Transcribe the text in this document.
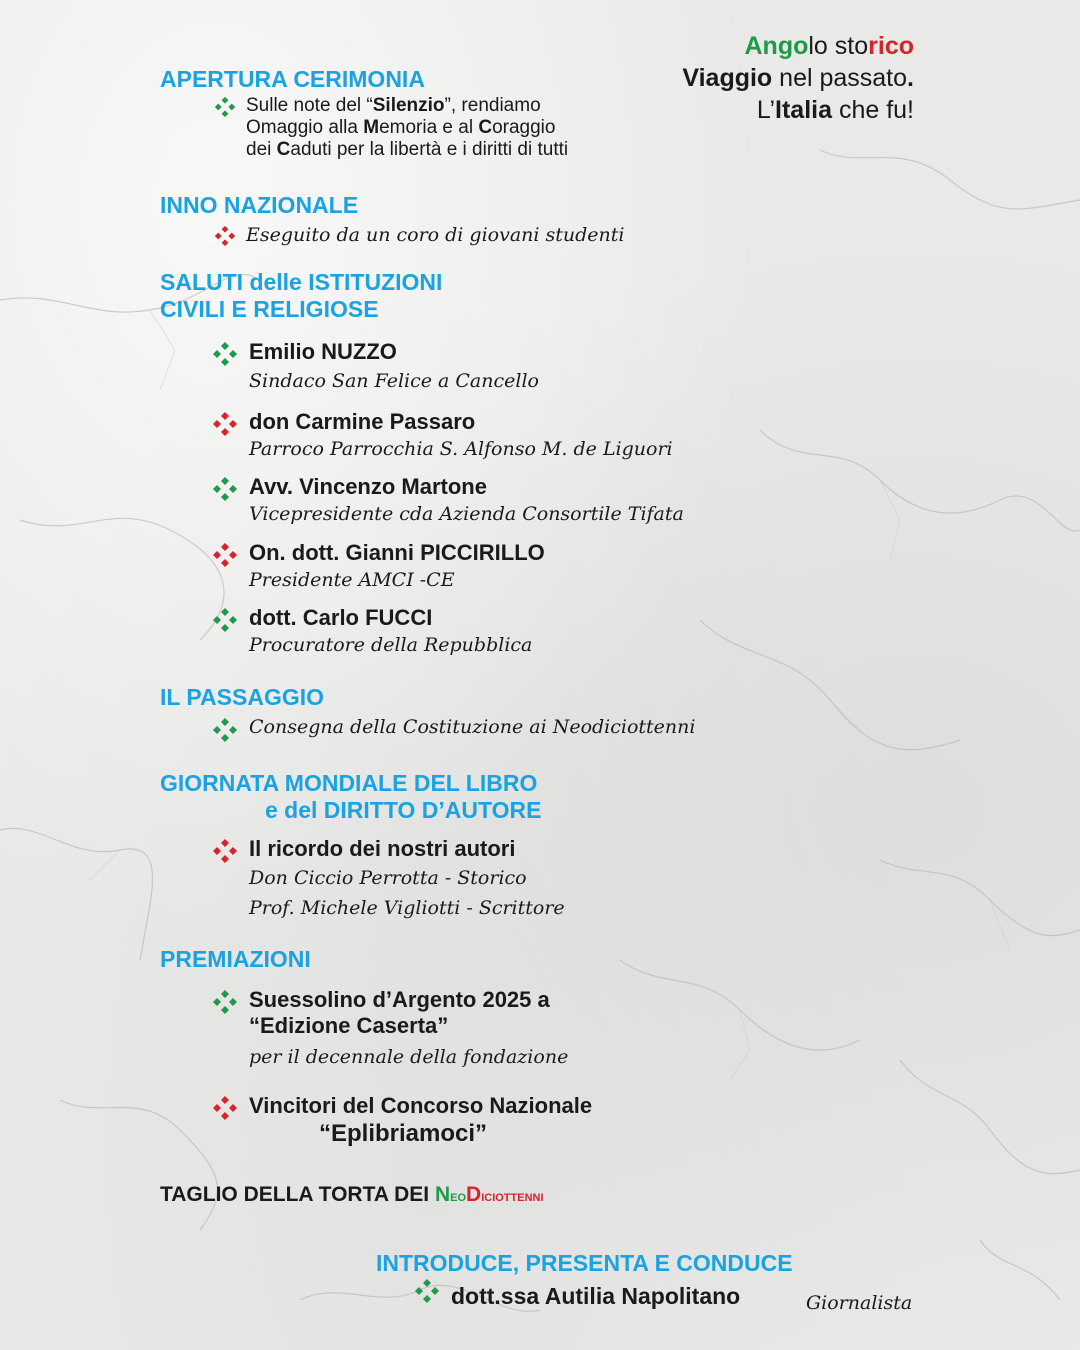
Angolo storico
Viaggio nel passato.
L’Italia che fu!
APERTURA CERIMONIA
Sulle note del “Silenzio”, rendiamo
Omaggio alla Memoria e al Coraggio
dei Caduti per la libertà e i diritti di tutti
INNO NAZIONALE
Eseguito da un coro di giovani studenti
SALUTI delle ISTITUZIONI
CIVILI E RELIGIOSE
Emilio NUZZO
Sindaco San Felice a Cancello
don Carmine Passaro
Parroco Parrocchia S. Alfonso M. de Liguori
Avv. Vincenzo Martone
Vicepresidente cda Azienda Consortile Tifata
On. dott. Gianni PICCIRILLO
Presidente AMCI -CE
dott. Carlo FUCCI
Procuratore della Repubblica
IL PASSAGGIO
Consegna della Costituzione ai Neodiciottenni
GIORNATA MONDIALE DEL LIBRO
e del DIRITTO D’AUTORE
Il ricordo dei nostri autori
Don Ciccio Perrotta - Storico
Prof. Michele Vigliotti - Scrittore
PREMIAZIONI
Suessolino d’Argento 2025 a
“Edizione Caserta”
per il decennale della fondazione
Vincitori del Concorso Nazionale
“Eplibriamoci”
TAGLIO DELLA TORTA DEI NEODICIOTTENNI
INTRODUCE, PRESENTA E CONDUCE
dott.ssa Autilia Napolitano	Giornalista
